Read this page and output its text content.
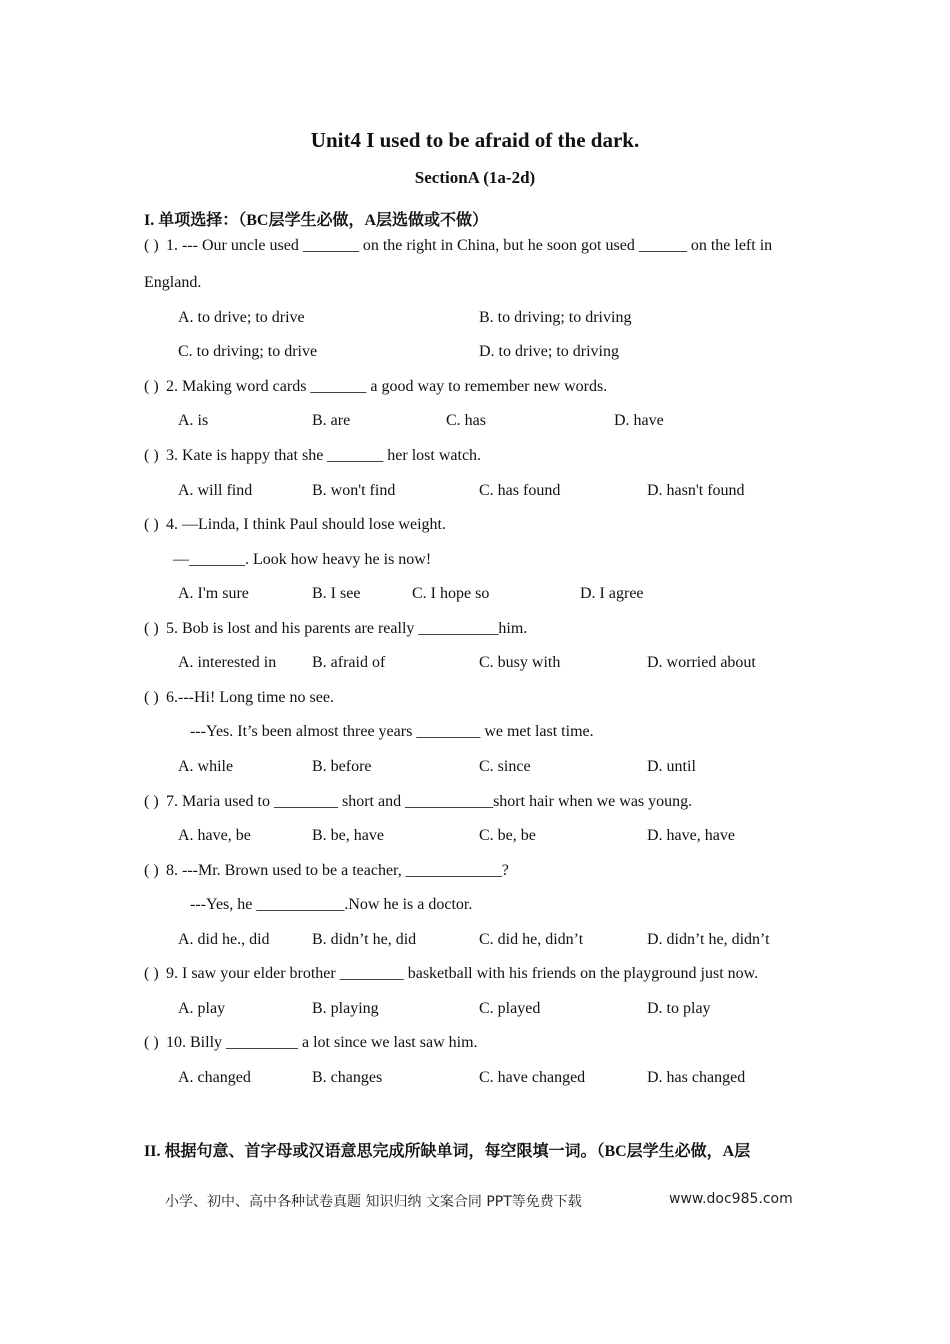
Unit4 I used to be afraid of the dark.
SectionA (1a-2d)
I. 单项选择：（BC层学生必做，A层选做或不做）
( ) 1. --- Our uncle used _______ on the right in China, but he soon got used ______ on the left in
England.
A. to drive; to drive	B. to driving; to driving
C. to driving; to drive	D. to drive; to driving
( ) 2. Making word cards _______ a good way to remember new words.
A. is	B. are	C. has	D. have
( ) 3. Kate is happy that she _______ her lost watch.
A. will find	B. won't find	C. has found	D. hasn't found
( ) 4. —Linda, I think Paul should lose weight.
—_______. Look how heavy he is now!
A. I'm sure	B. I see	C. I hope so	D. I agree
( ) 5. Bob is lost and his parents are really __________him.
A. interested in B. afraid of	C. busy with	D. worried about
( ) 6.---Hi! Long time no see.
---Yes. It’s been almost three years ________ we met last time.
A. while	B. before	C. since	D. until
( ) 7. Maria used to ________ short and ___________short hair when we was young.
A. have, be	B. be, have	C. be, be	D. have, have
( ) 8. ---Mr. Brown used to be a teacher, ____________?
---Yes, he ___________.Now he is a doctor.
A. did he., did	B. didn’t he, did	C. did he, didn’t	D. didn’t he, didn’t
( ) 9. I saw your elder brother ________ basketball with his friends on the playground just now.
A. play	B. playing	C. played	D. to play
( ) 10. Billy _________ a lot since we last saw him.
A. changed	B. changes	C. have changed	D. has changed
II. 根据句意、首字母或汉语意思完成所缺单词，每空限填一词。（BC层学生必做，A层
小学、初中、高中各种试卷真题 知识归纳 文案合同 PPT等免费下载	www.doc985.com
